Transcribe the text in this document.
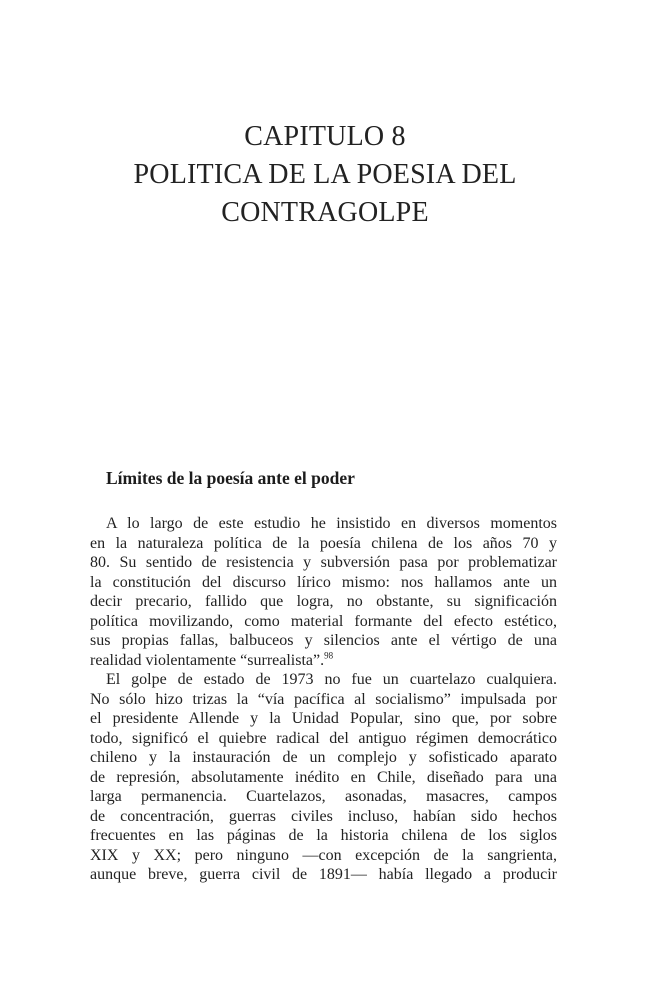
CAPITULO 8
POLITICA DE LA POESIA DEL
CONTRAGOLPE
Límites de la poesía ante el poder

A lo largo de este estudio he insistido en diversos momentos
en la naturaleza política de la poesía chilena de los años 70 y
80. Su sentido de resistencia y subversión pasa por problematizar
la constitución del discurso lírico mismo: nos hallamos ante un
decir precario, fallido que logra, no obstante, su significación
política movilizando, como material formante del efecto estético,
sus propias fallas, balbuceos y silencios ante el vértigo de una
realidad violentamente “surrealista”.$^{98}$

El golpe de estado de 1973 no fue un cuartelazo cualquiera.
No sólo hizo trizas la “vía pacífica al socialismo” impulsada por
el presidente Allende y la Unidad Popular, sino que, por sobre
todo, significó el quiebre radical del antiguo régimen democrático
chileno y la instauración de un complejo y sofisticado aparato
de represión, absolutamente inédito en Chile, diseñado para una
larga permanencia. Cuartelazos, asonadas, masacres, campos
de concentración, guerras civiles incluso, habían sido hechos
frecuentes en las páginas de la historia chilena de los siglos
XIX y XX; pero ninguno —con excepción de la sangrienta,
aunque breve, guerra civil de 1891— había llegado a producir
